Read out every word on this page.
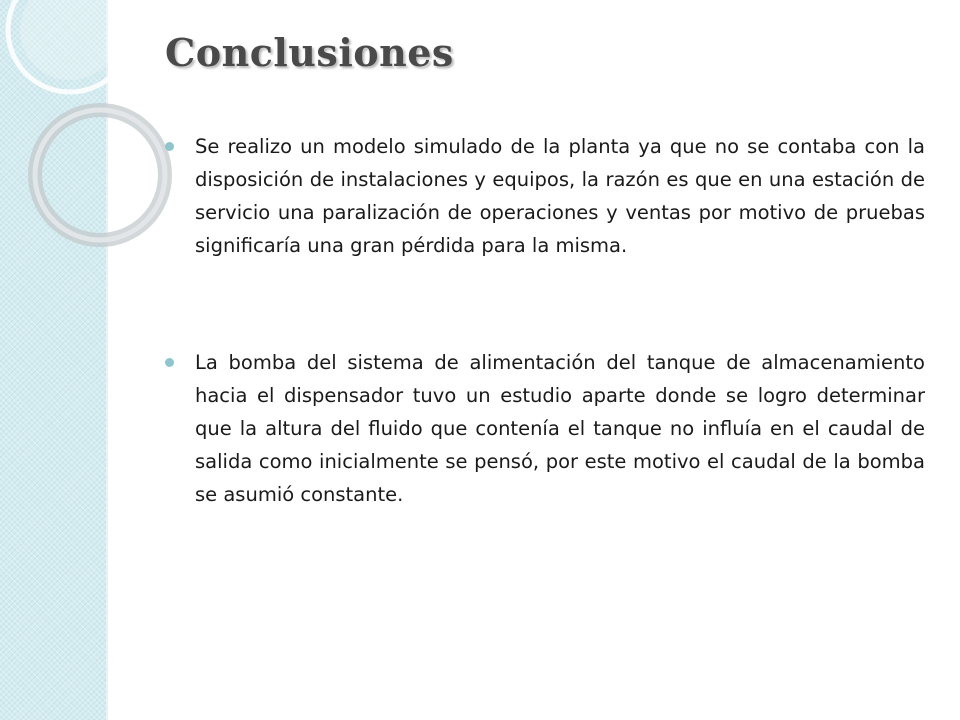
Conclusiones

Se realizo un modelo simulado de la planta ya que no se contaba con la disposición de instalaciones y equipos, la razón es que en una estación de servicio una paralización de operaciones y ventas por motivo de pruebas significaría una gran pérdida para la misma.

La bomba del sistema de alimentación del tanque de almacenamiento hacia el dispensador tuvo un estudio aparte donde se logro determinar que la altura del fluido que contenía el tanque no influía en el caudal de salida como inicialmente se pensó, por este motivo el caudal de la bomba se asumió constante.
